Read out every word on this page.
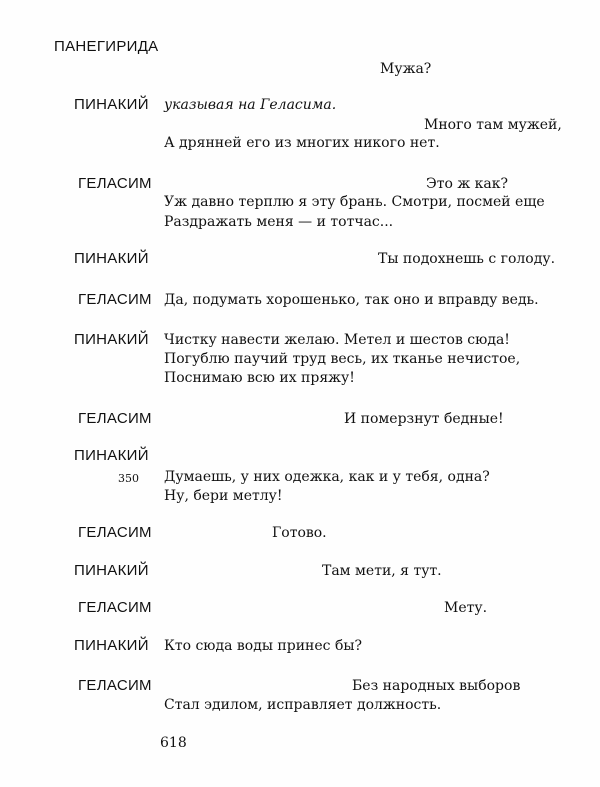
ПАНЕГИРИДА
Мужа?
ПИНАКИЙ указывая на Геласима.
Много там мужей,
А дрянней его из многих никого нет.
ГЕЛАСИМ	Это ж как?
Уж давно терплю я эту брань. Смотри, посмей еще
Раздражать меня — и тотчас...
ПИНАКИЙ	Ты подохнешь с голоду.
ГЕЛАСИМ Да, подумать хорошенько, так оно и вправду ведь.
ПИНАКИЙ Чистку навести желаю. Метел и шестов сюда!
Погублю паучий труд весь, их тканье нечистое,
Поснимаю всю их пряжу!
ГЕЛАСИМ	И померзнут бедные!
ПИНАКИЙ
350 Думаешь, у них одежка, как и у тебя, одна?
Ну, бери метлу!
ГЕЛАСИМ	Готово.
ПИНАКИЙ	Там мети, я тут.
ГЕЛАСИМ	Мету.
ПИНАКИЙ Кто сюда воды принес бы?
ГЕЛАСИМ	Без народных выборов
Стал эдилом, исправляет должность.
618
